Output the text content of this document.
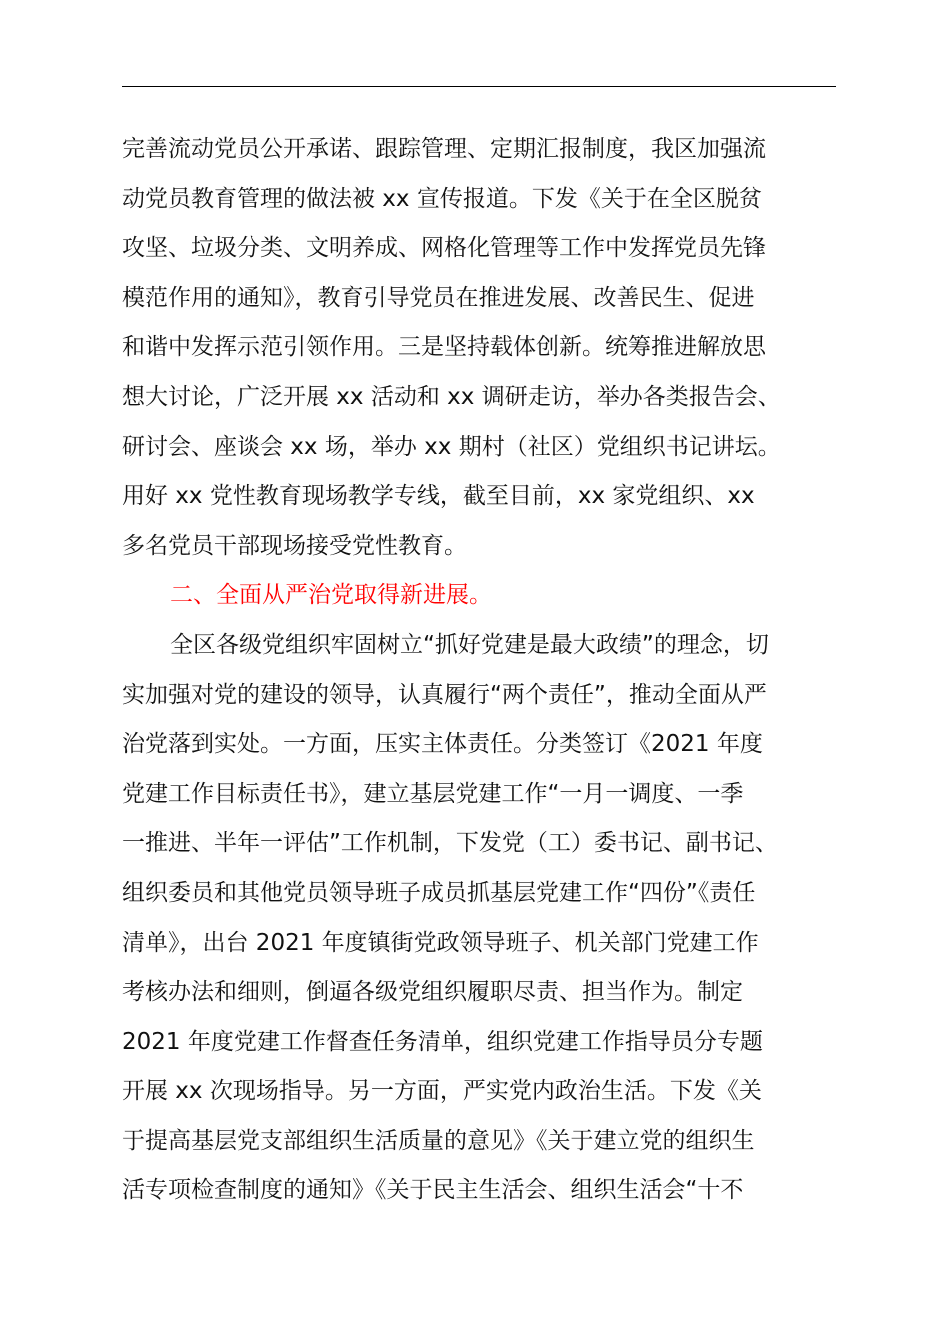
完善流动党员公开承诺、跟踪管理、定期汇报制度，我区加强流
动党员教育管理的做法被 xx 宣传报道。下发《关于在全区脱贫
攻坚、垃圾分类、文明养成、网格化管理等工作中发挥党员先锋
模范作用的通知》，教育引导党员在推进发展、改善民生、促进
和谐中发挥示范引领作用。三是坚持载体创新。统筹推进解放思
想大讨论，广泛开展 xx 活动和 xx 调研走访，举办各类报告会、
研讨会、座谈会 xx 场，举办 xx 期村（社区）党组织书记讲坛。
用好 xx 党性教育现场教学专线，截至目前，xx 家党组织、xx
多名党员干部现场接受党性教育。
二、全面从严治党取得新进展。
全区各级党组织牢固树立“抓好党建是最大政绩”的理念，切
实加强对党的建设的领导，认真履行“两个责任”，推动全面从严
治党落到实处。一方面，压实主体责任。分类签订《2021 年度
党建工作目标责任书》，建立基层党建工作“一月一调度、一季
一推进、半年一评估”工作机制，下发党（工）委书记、副书记、
组织委员和其他党员领导班子成员抓基层党建工作“四份”《责任
清单》，出台 2021 年度镇街党政领导班子、机关部门党建工作
考核办法和细则，倒逼各级党组织履职尽责、担当作为。制定
2021 年度党建工作督查任务清单，组织党建工作指导员分专题
开展 xx 次现场指导。另一方面，严实党内政治生活。下发《关
于提高基层党支部组织生活质量的意见》《关于建立党的组织生
活专项检查制度的通知》《关于民主生活会、组织生活会“十不
